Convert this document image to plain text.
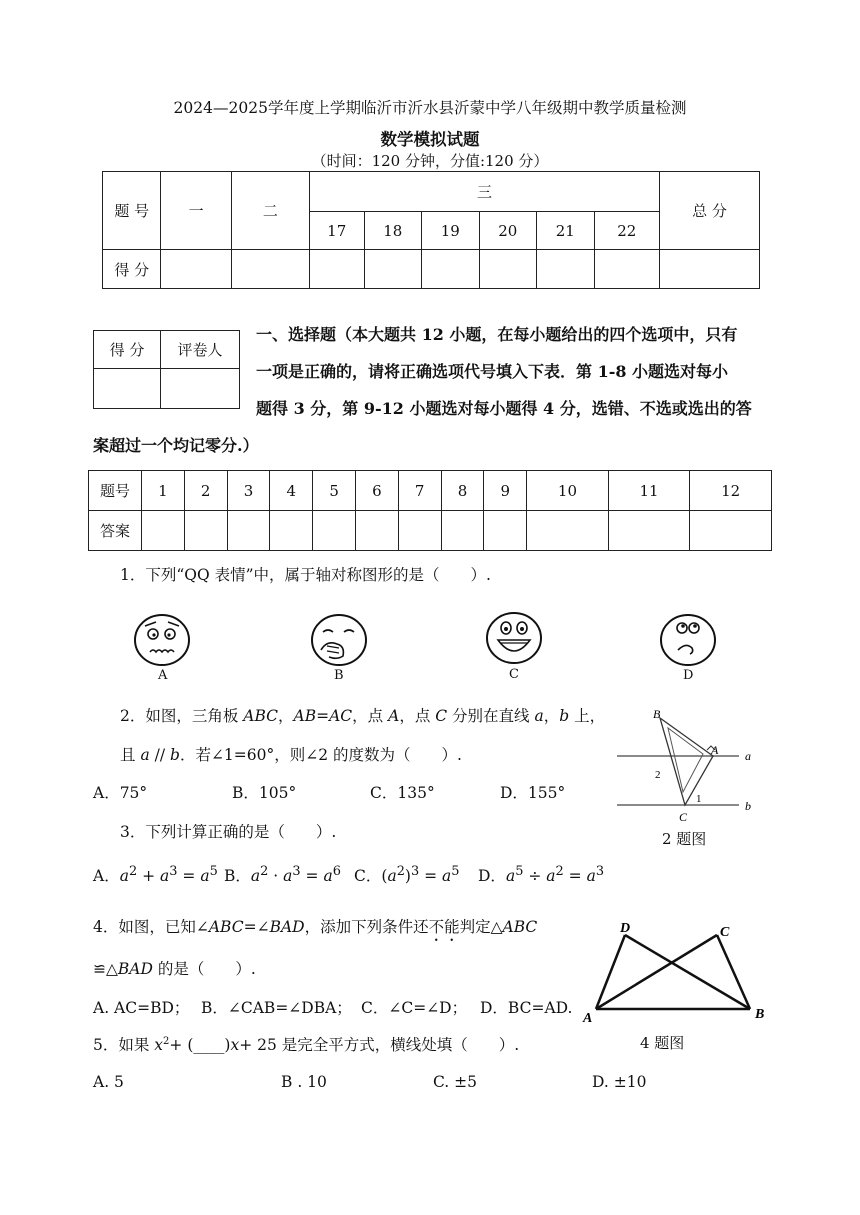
2024—2025学年度上学期临沂市沂水县沂蒙中学八年级期中教学质量检测
数学模拟试题
（时间：120 分钟，分值:120 分）
题 号	一	二	三						总 分
			17	18	19	20	21	22	
得 分									
得 分	评卷人

一、选择题（本大题共 12 小题，在每小题给出的四个选项中，只有
一项是正确的，请将正确选项代号填入下表．第 1-8 小题选对每小
题得 3 分，第 9-12 小题选对每小题得 4 分，选错、不选或选出的答
案超过一个均记零分.）
题号	1	2	3	4	5	6	7	8	9	10	11	12
答案												
1．下列“QQ 表情”中，属于轴对称图形的是（　　）.
A	B	C	D
2．如图，三角板 ABC，AB=AC，点 A，点 C 分别在直线 a，b 上，
且 a // b．若∠1=60°，则∠2 的度数为（　　）.
A．75°	B．105°	C．135°	D．155°
B
A a
2
1
C
b
2 题图
3．下列计算正确的是（　　）.
A．$a^2 + a^3 = a^5$ B．$a^2 \cdot a^3 = a^6$ C．$(a^2)^3 = a^5$ D．$a^5 \div a^2 = a^3$
4．如图，已知∠ABC=∠BAD，添加下列条件还不能判定△ABC
≌△BAD 的是（　　）.
A. AC=BD； B．∠CAB=∠DBA； C．∠C=∠D； D．BC=AD.
D	C
A	B
4 题图
5．如果 $x^2+$ (____)x+ 25 是完全平方式，横线处填（　　）.
A. 5	B . 10	C. ±5	D. ±10
